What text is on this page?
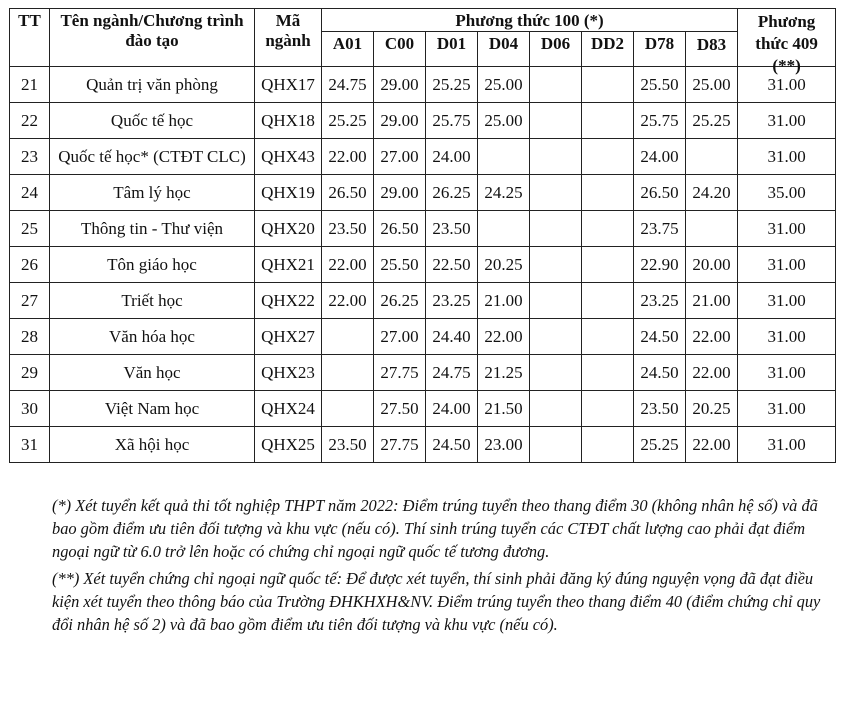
TT	Tên ngành/Chương trình đào tạo	Mã ngành	Phương thức 100 (*)								Phương thức 409 (**)

			A01	C00	D01	D04	D06	DD2	D78	D83	

21	Quản trị văn phòng	QHX17	24.75	29.00	25.25	25.00			25.50	25.00	31.00
22	Quốc tế học	QHX18	25.25	29.00	25.75	25.00			25.75	25.25	31.00
23	Quốc tế học* (CTĐT CLC)	QHX43	22.00	27.00	24.00				24.00		31.00
24	Tâm lý học	QHX19	26.50	29.00	26.25	24.25			26.50	24.20	35.00
25	Thông tin - Thư viện	QHX20	23.50	26.50	23.50				23.75		31.00
26	Tôn giáo học	QHX21	22.00	25.50	22.50	20.25			22.90	20.00	31.00
27	Triết học	QHX22	22.00	26.25	23.25	21.00			23.25	21.00	31.00
28	Văn hóa học	QHX27		27.00	24.40	22.00			24.50	22.00	31.00
29	Văn học	QHX23		27.75	24.75	21.25			24.50	22.00	31.00
30	Việt Nam học	QHX24		27.50	24.00	21.50			23.50	20.25	31.00
31	Xã hội học	QHX25	23.50	27.75	24.50	23.00			25.25	22.00	31.00

(*) Xét tuyển kết quả thi tốt nghiệp THPT năm 2022: Điểm trúng tuyển theo thang điểm 30 (không nhân hệ số) và đã bao gồm điểm ưu tiên đối tượng và khu vực (nếu có). Thí sinh trúng tuyển các CTĐT chất lượng cao phải đạt điểm ngoại ngữ từ 6.0 trở lên hoặc có chứng chỉ ngoại ngữ quốc tế tương đương.

(**) Xét tuyển chứng chỉ ngoại ngữ quốc tế: Để được xét tuyển, thí sinh phải đăng ký đúng nguyện vọng đã đạt điều kiện xét tuyển theo thông báo của Trường ĐHKHXH&NV. Điểm trúng tuyển theo thang điểm 40 (điểm chứng chỉ quy đổi nhân hệ số 2) và đã bao gồm điểm ưu tiên đối tượng và khu vực (nếu có).
